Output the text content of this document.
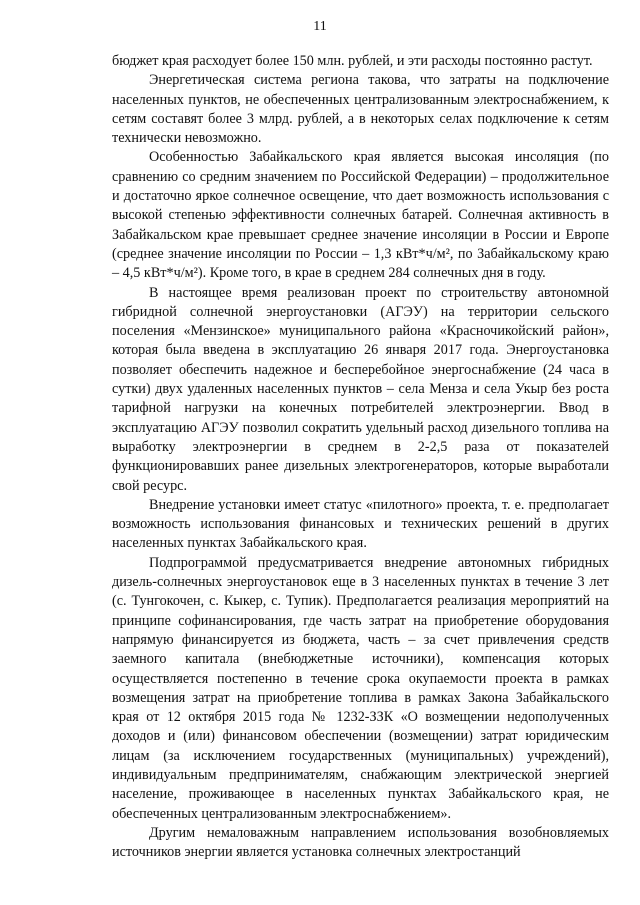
11

бюджет края расходует более 150 млн. рублей, и эти расходы постоянно растут.

Энергетическая система региона такова, что затраты на подключение населенных пунктов, не обеспеченных централизованным электроснабжением, к сетям составят более 3 млрд. рублей, а в некоторых селах подключение к сетям технически невозможно.

Особенностью Забайкальского края является высокая инсоляция (по сравнению со средним значением по Российской Федерации) – продолжительное и достаточно яркое солнечное освещение, что дает возможность использования с высокой степенью эффективности солнечных батарей. Солнечная активность в Забайкальском крае превышает среднее значение инсоляции в России и Европе (среднее значение инсоляции по России – 1,3 кВт*ч/м², по Забайкальскому краю – 4,5 кВт*ч/м²). Кроме того, в крае в среднем 284 солнечных дня в году.

В настоящее время реализован проект по строительству автономной гибридной солнечной энергоустановки (АГЭУ) на территории сельского поселения «Мензинское» муниципального района «Красночикойский район», которая была введена в эксплуатацию 26 января 2017 года. Энергоустановка позволяет обеспечить надежное и бесперебойное энергоснабжение (24 часа в сутки) двух удаленных населенных пунктов – села Менза и села Укыр без роста тарифной нагрузки на конечных потребителей электроэнергии. Ввод в эксплуатацию АГЭУ позволил сократить удельный расход дизельного топлива на выработку электроэнергии в среднем в 2-2,5 раза от показателей функционировавших ранее дизельных электрогенераторов, которые выработали свой ресурс.

Внедрение установки имеет статус «пилотного» проекта, т. е. предполагает возможность использования финансовых и технических решений в других населенных пунктах Забайкальского края.

Подпрограммой предусматривается внедрение автономных гибридных дизель-солнечных энергоустановок еще в 3 населенных пунктах в течение 3 лет (с. Тунгокочен, с. Кыкер, с. Тупик). Предполагается реализация мероприятий на принципе софинансирования, где часть затрат на приобретение оборудования напрямую финансируется из бюджета, часть – за счет привлечения средств заемного капитала (внебюджетные источники), компенсация которых осуществляется постепенно в течение срока окупаемости проекта в рамках возмещения затрат на приобретение топлива в рамках Закона Забайкальского края от 12 октября 2015 года № 1232-ЗЗК «О возмещении недополученных доходов и (или) финансовом обеспечении (возмещении) затрат юридическим лицам (за исключением государственных (муниципальных) учреждений), индивидуальным предпринимателям, снабжающим электрической энергией население, проживающее в населенных пунктах Забайкальского края, не обеспеченных централизованным электроснабжением».

Другим немаловажным направлением использования возобновляемых источников энергии является установка солнечных электростанций
